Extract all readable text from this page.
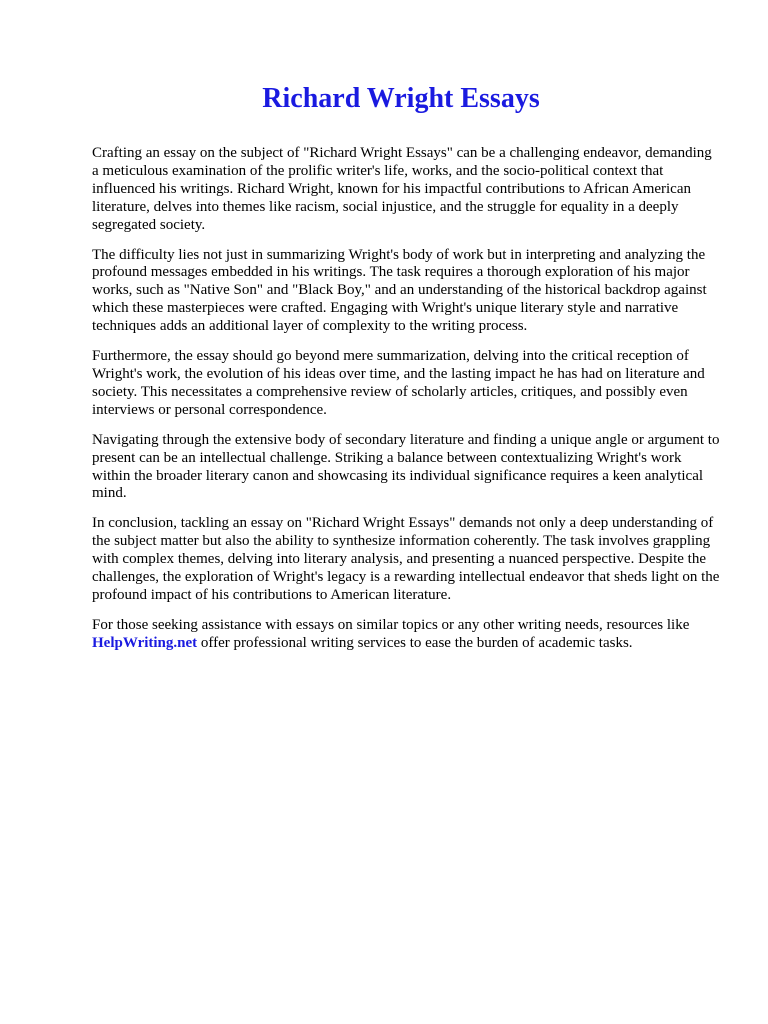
Richard Wright Essays

Crafting an essay on the subject of "Richard Wright Essays" can be a challenging endeavor, demanding a meticulous examination of the prolific writer's life, works, and the socio-political context that influenced his writings. Richard Wright, known for his impactful contributions to African American literature, delves into themes like racism, social injustice, and the struggle for equality in a deeply segregated society.

The difficulty lies not just in summarizing Wright's body of work but in interpreting and analyzing the profound messages embedded in his writings. The task requires a thorough exploration of his major works, such as "Native Son" and "Black Boy," and an understanding of the historical backdrop against which these masterpieces were crafted. Engaging with Wright's unique literary style and narrative techniques adds an additional layer of complexity to the writing process.

Furthermore, the essay should go beyond mere summarization, delving into the critical reception of Wright's work, the evolution of his ideas over time, and the lasting impact he has had on literature and society. This necessitates a comprehensive review of scholarly articles, critiques, and possibly even interviews or personal correspondence.

Navigating through the extensive body of secondary literature and finding a unique angle or argument to present can be an intellectual challenge. Striking a balance between contextualizing Wright's work within the broader literary canon and showcasing its individual significance requires a keen analytical mind.

In conclusion, tackling an essay on "Richard Wright Essays" demands not only a deep understanding of the subject matter but also the ability to synthesize information coherently. The task involves grappling with complex themes, delving into literary analysis, and presenting a nuanced perspective. Despite the challenges, the exploration of Wright's legacy is a rewarding intellectual endeavor that sheds light on the profound impact of his contributions to American literature.

For those seeking assistance with essays on similar topics or any other writing needs, resources like HelpWriting.net offer professional writing services to ease the burden of academic tasks.
